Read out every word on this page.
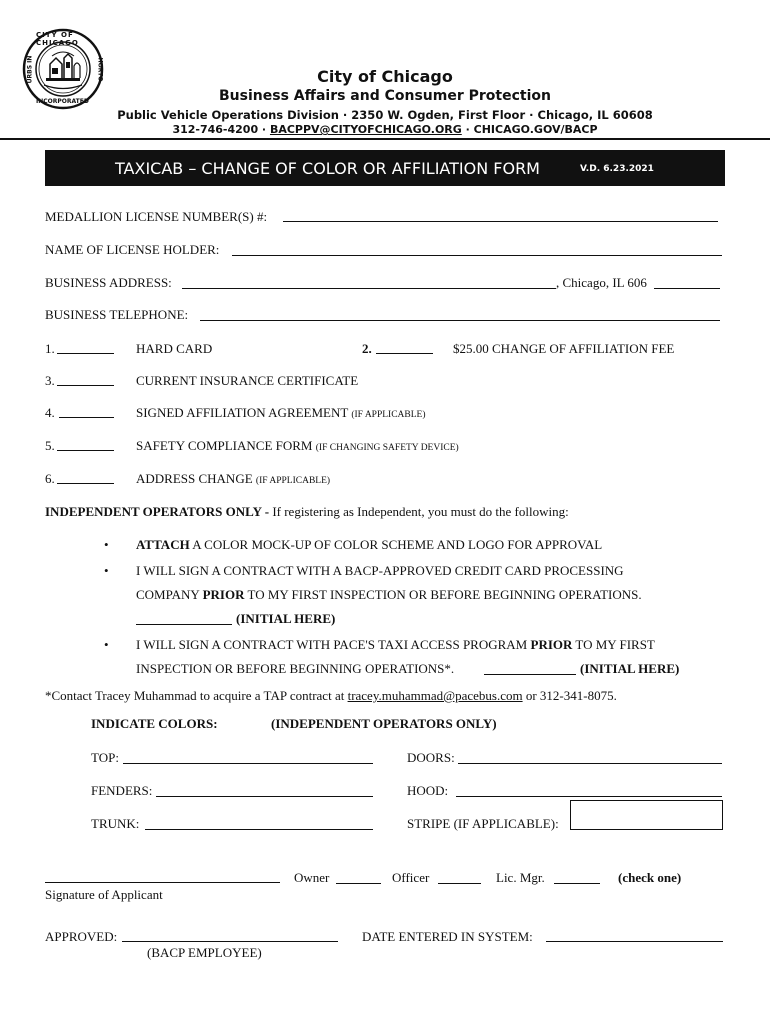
CITY OF CHICAGO
INCORPORATED
URBS IN	HORTO	City of Chicago
Business Affairs and Consumer Protection
Public Vehicle Operations Division · 2350 W. Ogden, First Floor · Chicago, IL 60608
312-746-4200 · BACPPV@CITYOFCHICAGO.ORG · CHICAGO.GOV/BACP
TAXICAB – CHANGE OF COLOR OR AFFILIATION FORM	V.D. 6.23.2021
MEDALLION LICENSE NUMBER(S) #:
NAME OF LICENSE HOLDER:
BUSINESS ADDRESS:	, Chicago, IL 606
BUSINESS TELEPHONE:
1.	HARD CARD	2.	$25.00 CHANGE OF AFFILIATION FEE
3.	CURRENT INSURANCE CERTIFICATE
4.	SIGNED AFFILIATION AGREEMENT (IF APPLICABLE)
5.	SAFETY COMPLIANCE FORM (IF CHANGING SAFETY DEVICE)
6.	ADDRESS CHANGE (IF APPLICABLE)
INDEPENDENT OPERATORS ONLY - If registering as Independent, you must do the following:
• ATTACH A COLOR MOCK-UP OF COLOR SCHEME AND LOGO FOR APPROVAL
• I WILL SIGN A CONTRACT WITH A BACP-APPROVED CREDIT CARD PROCESSING
COMPANY PRIOR TO MY FIRST INSPECTION OR BEFORE BEGINNING OPERATIONS.
(INITIAL HERE)
• I WILL SIGN A CONTRACT WITH PACE'S TAXI ACCESS PROGRAM PRIOR TO MY FIRST
INSPECTION OR BEFORE BEGINNING OPERATIONS*.	(INITIAL HERE)
*Contact Tracey Muhammad to acquire a TAP contract at tracey.muhammad@pacebus.com or 312-341-8075.
INDICATE COLORS:	(INDEPENDENT OPERATORS ONLY)
TOP:	DOORS:
FENDERS:	HOOD:
TRUNK:	STRIPE (IF APPLICABLE):
Owner	Officer	Lic. Mgr.	(check one)
Signature of Applicant
APPROVED:
(BACP EMPLOYEE)
DATE ENTERED IN SYSTEM:
